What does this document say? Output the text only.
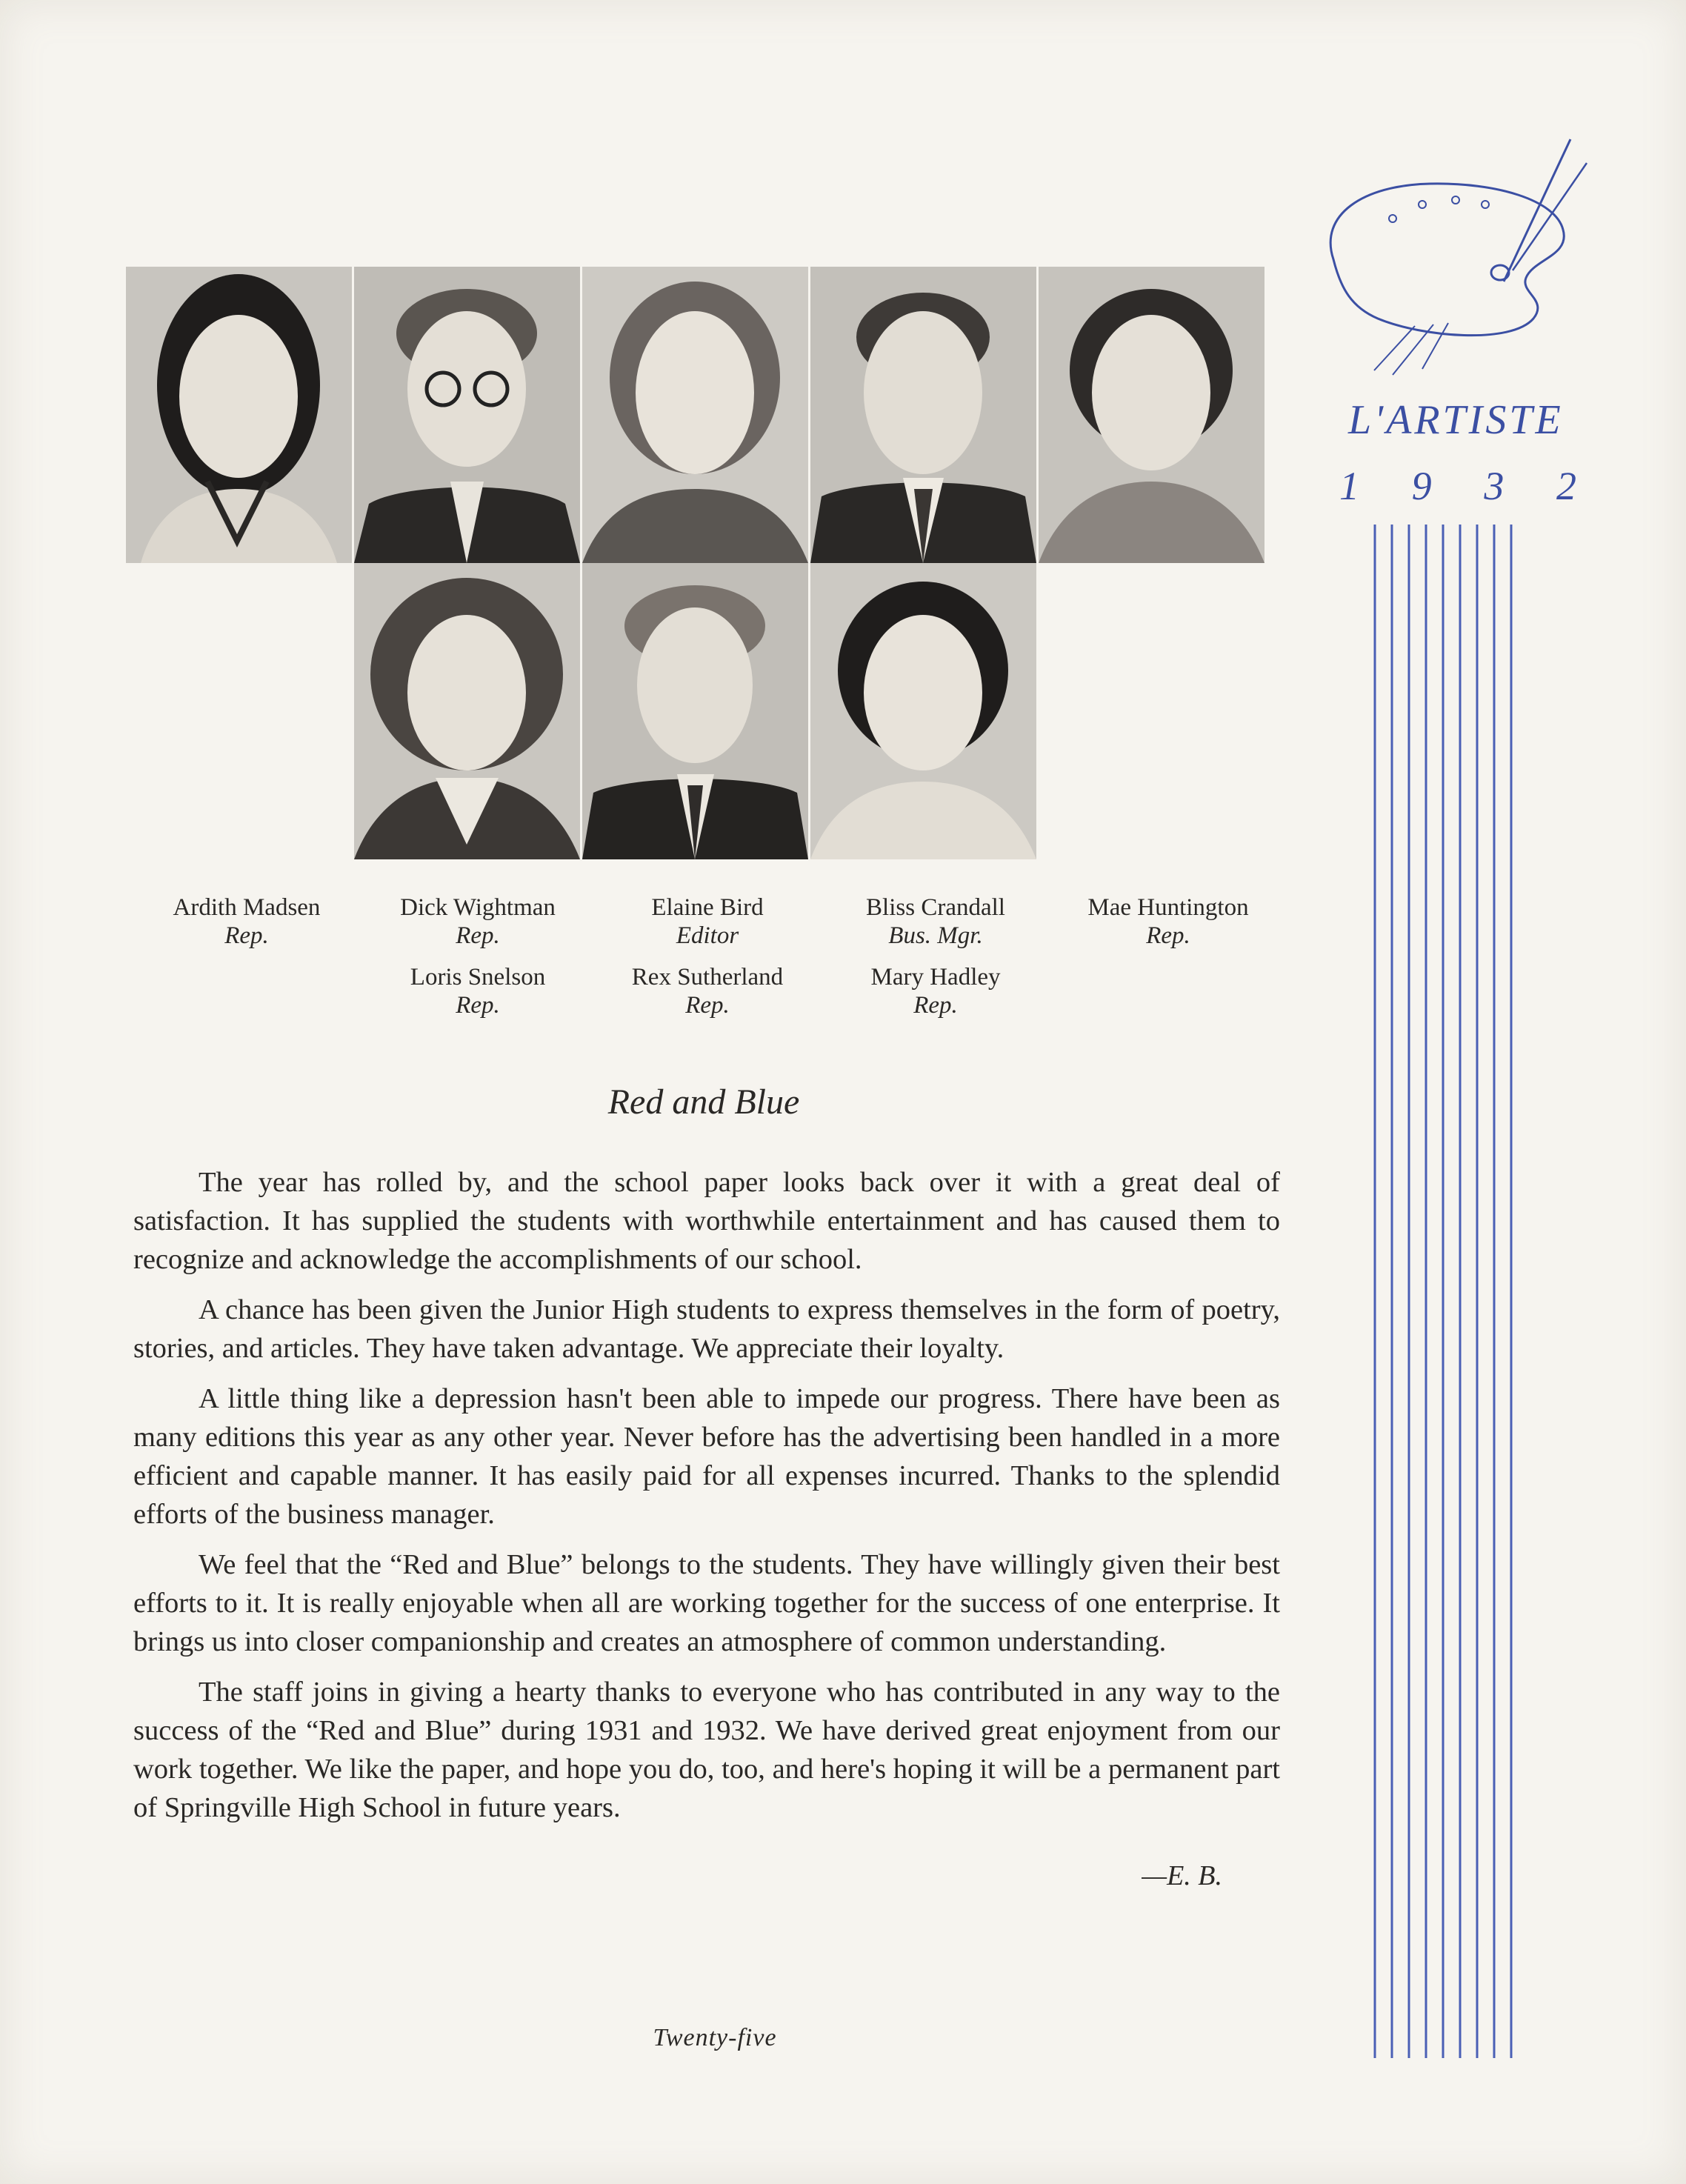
L'ARTISTE
1 9 3 2
Ardith Madsen
Rep.
Dick Wightman
Rep.
Elaine Bird
Editor
Bliss Crandall
Bus. Mgr.
Mae Huntington
Rep.
Loris Snelson
Rep.
Rex Sutherland
Rep.
Mary Hadley
Rep.
Red and Blue

The year has rolled by, and the school paper looks back over it with a great deal of satisfaction. It has supplied the students with worthwhile entertainment and has caused them to recognize and acknowledge the accomplishments of our school.

A chance has been given the Junior High students to express themselves in the form of poetry, stories, and articles. They have taken advantage. We appreciate their loyalty.

A little thing like a depression hasn't been able to impede our progress. There have been as many editions this year as any other year. Never before has the advertising been handled in a more efficient and capable manner. It has easily paid for all expenses incurred. Thanks to the splendid efforts of the business manager.

We feel that the “Red and Blue” belongs to the students. They have willingly given their best efforts to it. It is really enjoyable when all are working together for the success of one enterprise. It brings us into closer companionship and creates an atmosphere of common understanding.

The staff joins in giving a hearty thanks to everyone who has contributed in any way to the success of the “Red and Blue” during 1931 and 1932. We have derived great enjoyment from our work together. We like the paper, and hope you do, too, and here's hoping it will be a permanent part of Springville High School in future years.

—E. B.
Twenty-five
